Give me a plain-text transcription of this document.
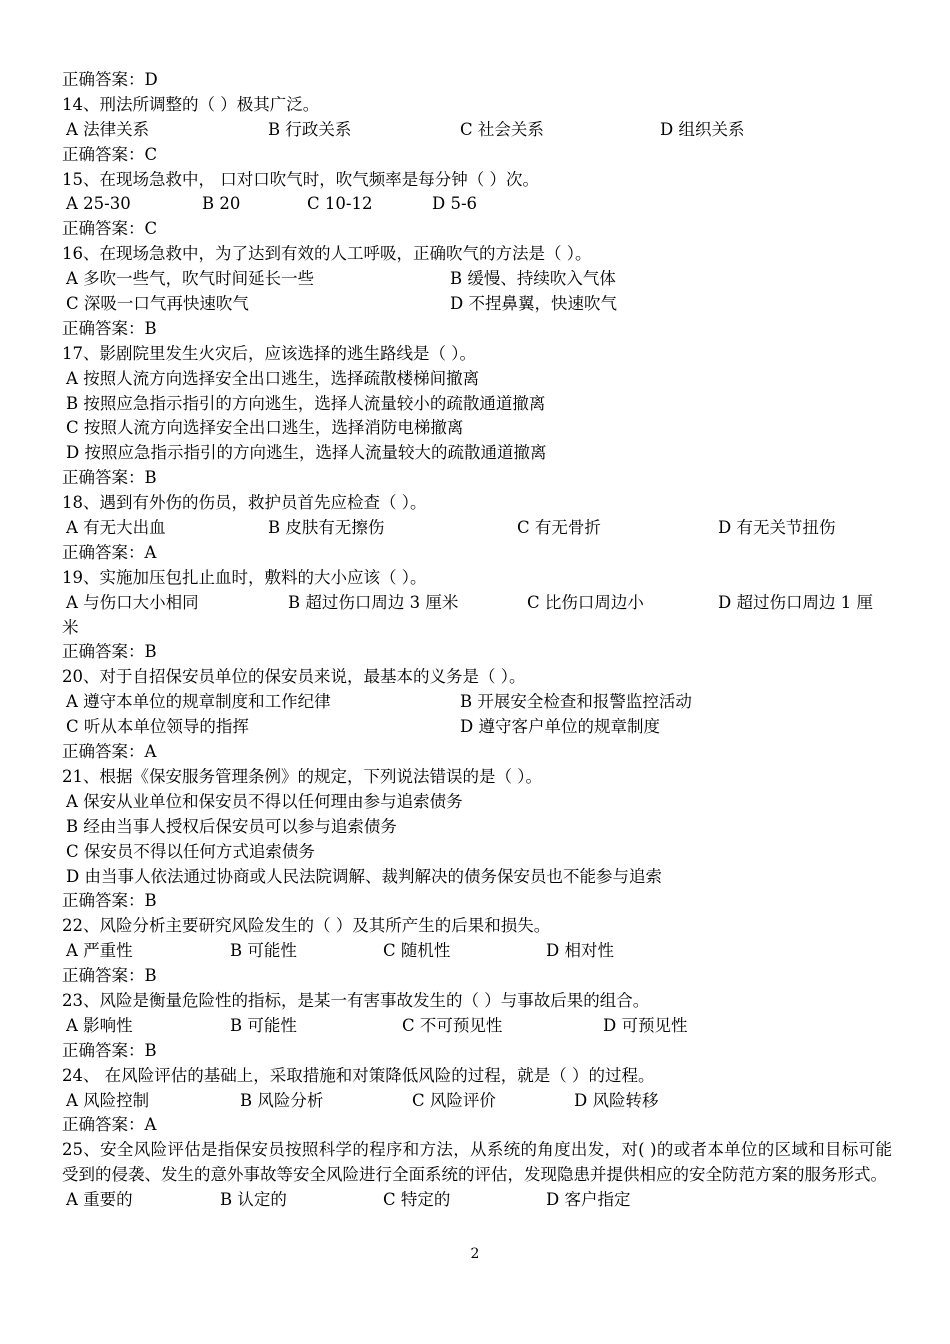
正确答案：D
14、刑法所调整的（ ）极其广泛。
A 法律关系	B 行政关系	C 社会关系	D 组织关系
正确答案：C
15、在现场急救中， 口对口吹气时，吹气频率是每分钟（ ）次。
A 25-30	B 20	C 10-12	D 5-6
正确答案：C
16、在现场急救中，为了达到有效的人工呼吸，正确吹气的方法是（ ）。
A 多吹一些气，吹气时间延长一些	B 缓慢、持续吹入气体
C 深吸一口气再快速吹气	D 不捏鼻翼，快速吹气
正确答案：B
17、影剧院里发生火灾后，应该选择的逃生路线是（ ）。
A 按照人流方向选择安全出口逃生，选择疏散楼梯间撤离
B 按照应急指示指引的方向逃生，选择人流量较小的疏散通道撤离
C 按照人流方向选择安全出口逃生，选择消防电梯撤离
D 按照应急指示指引的方向逃生，选择人流量较大的疏散通道撤离
正确答案：B
18、遇到有外伤的伤员，救护员首先应检查（ ）。
A 有无大出血	B 皮肤有无擦伤	C 有无骨折	D 有无关节扭伤
正确答案：A
19、实施加压包扎止血时，敷料的大小应该（ ）。
A 与伤口大小相同	B 超过伤口周边 3 厘米	C 比伤口周边小	D 超过伤口周边 1 厘
米
正确答案：B
20、对于自招保安员单位的保安员来说，最基本的义务是（ ）。
A 遵守本单位的规章制度和工作纪律	B 开展安全检查和报警监控活动
C 听从本单位领导的指挥	D 遵守客户单位的规章制度
正确答案：A
21、根据《保安服务管理条例》的规定，下列说法错误的是（ ）。
A 保安从业单位和保安员不得以任何理由参与追索债务
B 经由当事人授权后保安员可以参与追索债务
C 保安员不得以任何方式追索债务
D 由当事人依法通过协商或人民法院调解、裁判解决的债务保安员也不能参与追索
正确答案：B
22、风险分析主要研究风险发生的（ ）及其所产生的后果和损失。
A 严重性	B 可能性	C 随机性	D 相对性
正确答案：B
23、风险是衡量危险性的指标，是某一有害事故发生的（ ）与事故后果的组合。
A 影响性	B 可能性	C 不可预见性	D 可预见性
正确答案：B
24、 在风险评估的基础上，采取措施和对策降低风险的过程，就是（ ）的过程。
A 风险控制	B 风险分析	C 风险评价	D 风险转移
正确答案：A
25、安全风险评估是指保安员按照科学的程序和方法，从系统的角度出发，对( )的或者本单位的区域和目标可能受到的侵袭、发生的意外事故等安全风险进行全面系统的评估，发现隐患并提供相应的安全防范方案的服务形式。
A 重要的	B 认定的	C 特定的	D 客户指定
2
